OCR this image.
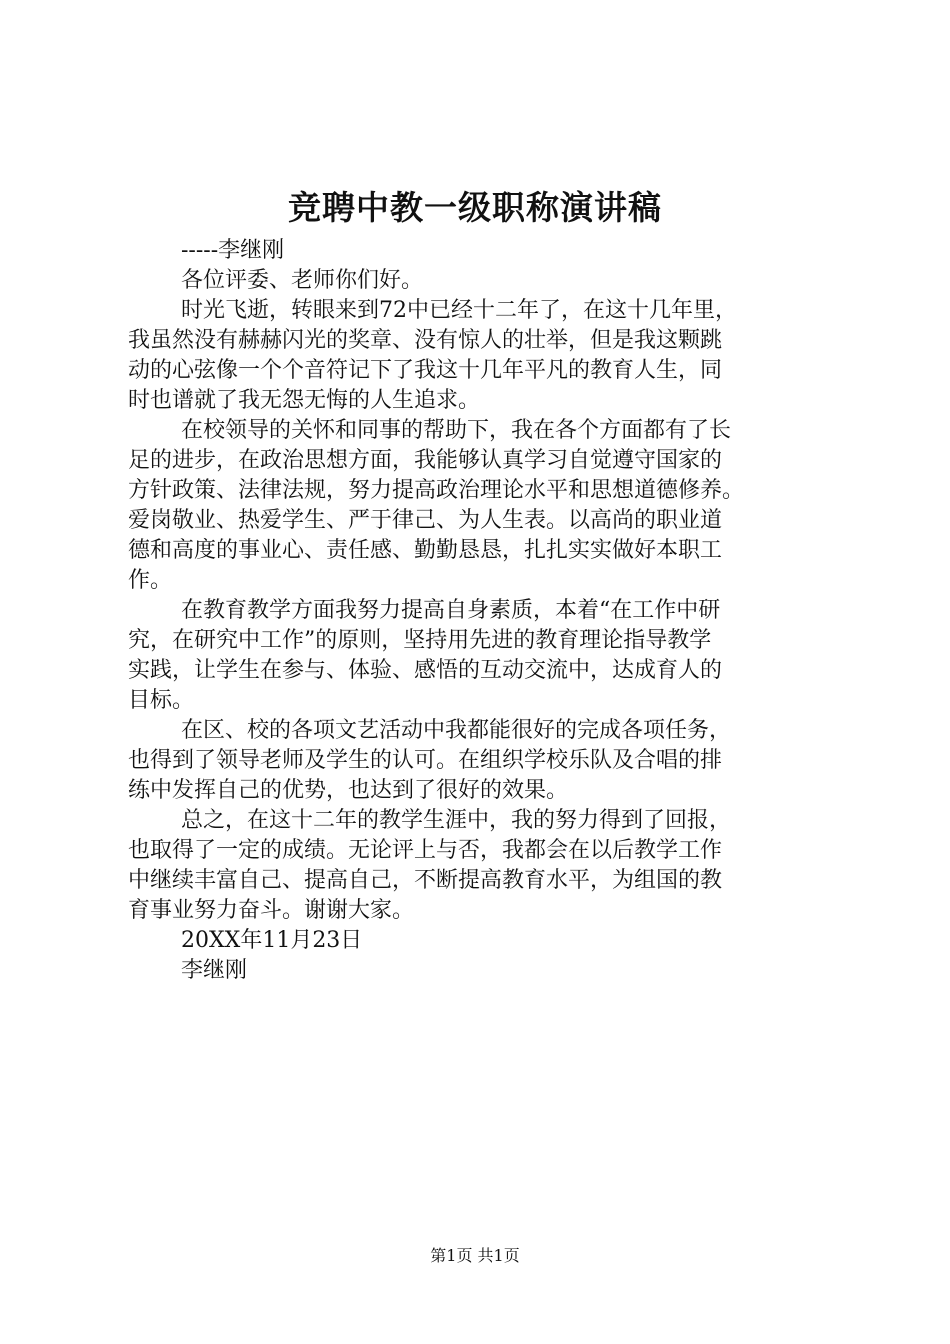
竞聘中教一级职称演讲稿
-----李继刚
各位评委、老师你们好。
时光飞逝，转眼来到72中已经十二年了，在这十几年里，
我虽然没有赫赫闪光的奖章、没有惊人的壮举，但是我这颗跳
动的心弦像一个个音符记下了我这十几年平凡的教育人生，同
时也谱就了我无怨无悔的人生追求。
在校领导的关怀和同事的帮助下，我在各个方面都有了长
足的进步，在政治思想方面，我能够认真学习自觉遵守国家的
方针政策、法律法规，努力提高政治理论水平和思想道德修养。
爱岗敬业、热爱学生、严于律己、为人生表。以高尚的职业道
德和高度的事业心、责任感、勤勤恳恳，扎扎实实做好本职工
作。
在教育教学方面我努力提高自身素质，本着“在工作中研
究，在研究中工作”的原则，坚持用先进的教育理论指导教学
实践，让学生在参与、体验、感悟的互动交流中，达成育人的
目标。
在区、校的各项文艺活动中我都能很好的完成各项任务，
也得到了领导老师及学生的认可。在组织学校乐队及合唱的排
练中发挥自己的优势，也达到了很好的效果。
总之，在这十二年的教学生涯中，我的努力得到了回报，
也取得了一定的成绩。无论评上与否，我都会在以后教学工作
中继续丰富自己、提高自己，不断提高教育水平，为组国的教
育事业努力奋斗。谢谢大家。
20XX年11月23日
李继刚
第1页 共1页
